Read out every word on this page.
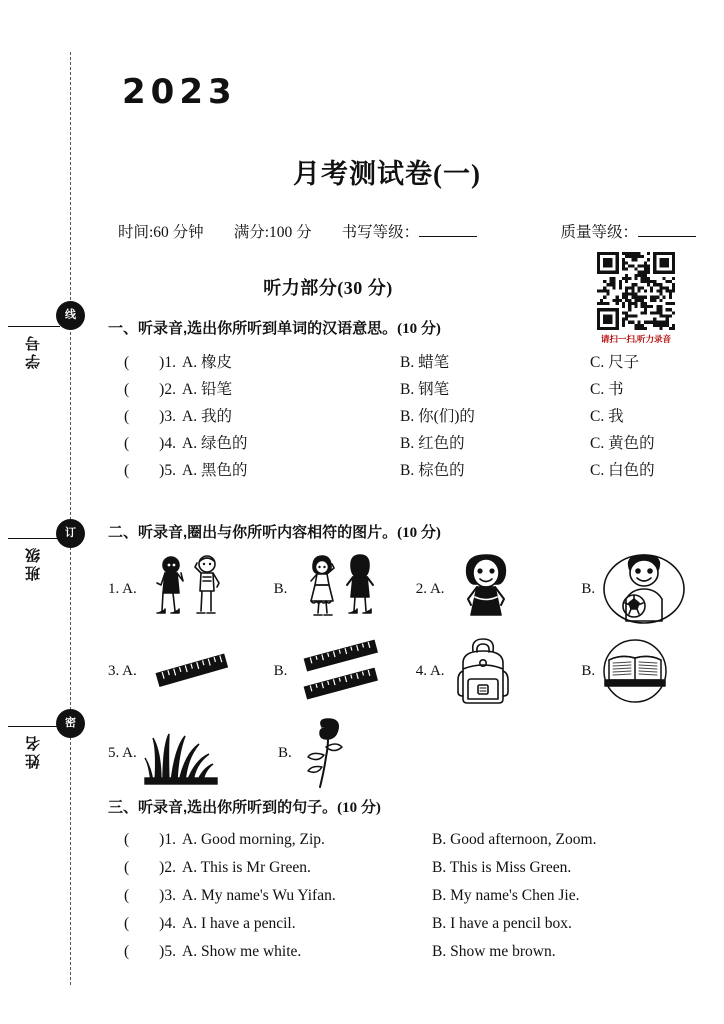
线
订
密
学号
班级
姓名
2023
月考测试卷(一)
时间:60 分钟 满分:100 分 书写等级：	质量等级：
请扫一扫,听力录音
听力部分(30 分)
一、听录音,选出你所听到单词的汉语意思。(10 分)
( )1. A. 橡皮	B. 蜡笔	C. 尺子
( )2. A. 铅笔	B. 钢笔	C. 书
( )3. A. 我的	B. 你(们)的	C. 我
( )4. A. 绿色的	B. 红色的	C. 黄色的
( )5. A. 黑色的	B. 棕色的	C. 白色的
二、听录音,圈出与你所听内容相符的图片。(10 分)
1. A.	B.	2. A.	B.
3. A.	B.	4. A.	B.
5. A.	B.
三、听录音,选出你所听到的句子。(10 分)
( )1. A. Good morning, Zip.	B. Good afternoon, Zoom.
( )2. A. This is Mr Green.	B. This is Miss Green.
( )3. A. My name's Wu Yifan.	B. My name's Chen Jie.
( )4. A. I have a pencil.	B. I have a pencil box.
( )5. A. Show me white.	B. Show me brown.
